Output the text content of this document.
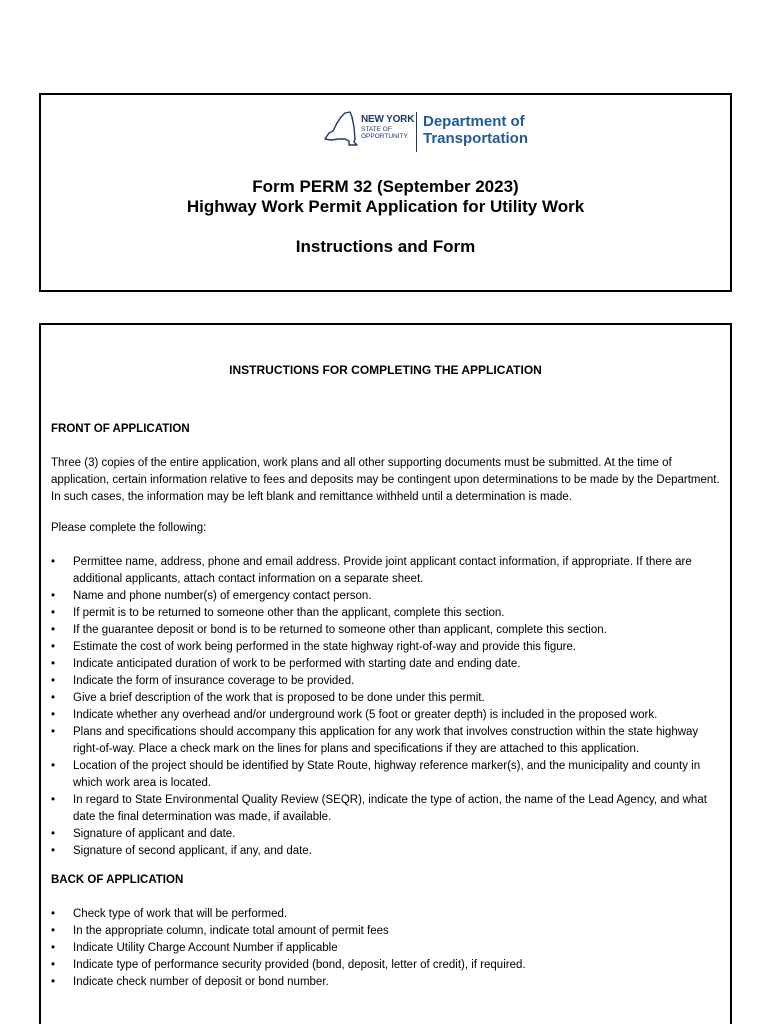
NEW YORK
STATE OF
OPPORTUNITY.
Department of
Transportation
Form PERM 32 (September 2023)
Highway Work Permit Application for Utility Work
Instructions and Form
INSTRUCTIONS FOR COMPLETING THE APPLICATION
FRONT OF APPLICATION
Three (3) copies of the entire application, work plans and all other supporting documents must be submitted. At the time of application, certain information relative to fees and deposits may be contingent upon determinations to be made by the Department. In such cases, the information may be left blank and remittance withheld until a determination is made.
Please complete the following:
• Permittee name, address, phone and email address. Provide joint applicant contact information, if appropriate. If there are additional applicants, attach contact information on a separate sheet.
• Name and phone number(s) of emergency contact person.
• If permit is to be returned to someone other than the applicant, complete this section.
• If the guarantee deposit or bond is to be returned to someone other than applicant, complete this section.
• Estimate the cost of work being performed in the state highway right-of-way and provide this figure.
• Indicate anticipated duration of work to be performed with starting date and ending date.
• Indicate the form of insurance coverage to be provided.
• Give a brief description of the work that is proposed to be done under this permit.
• Indicate whether any overhead and/or underground work (5 foot or greater depth) is included in the proposed work.
• Plans and specifications should accompany this application for any work that involves construction within the state highway right-of-way. Place a check mark on the lines for plans and specifications if they are attached to this application.
• Location of the project should be identified by State Route, highway reference marker(s), and the municipality and county in which work area is located.
• In regard to State Environmental Quality Review (SEQR), indicate the type of action, the name of the Lead Agency, and what date the final determination was made, if available.
• Signature of applicant and date.
• Signature of second applicant, if any, and date.
BACK OF APPLICATION
• Check type of work that will be performed.
• In the appropriate column, indicate total amount of permit fees
• Indicate Utility Charge Account Number if applicable
• Indicate type of performance security provided (bond, deposit, letter of credit), if required.
• Indicate check number of deposit or bond number.
